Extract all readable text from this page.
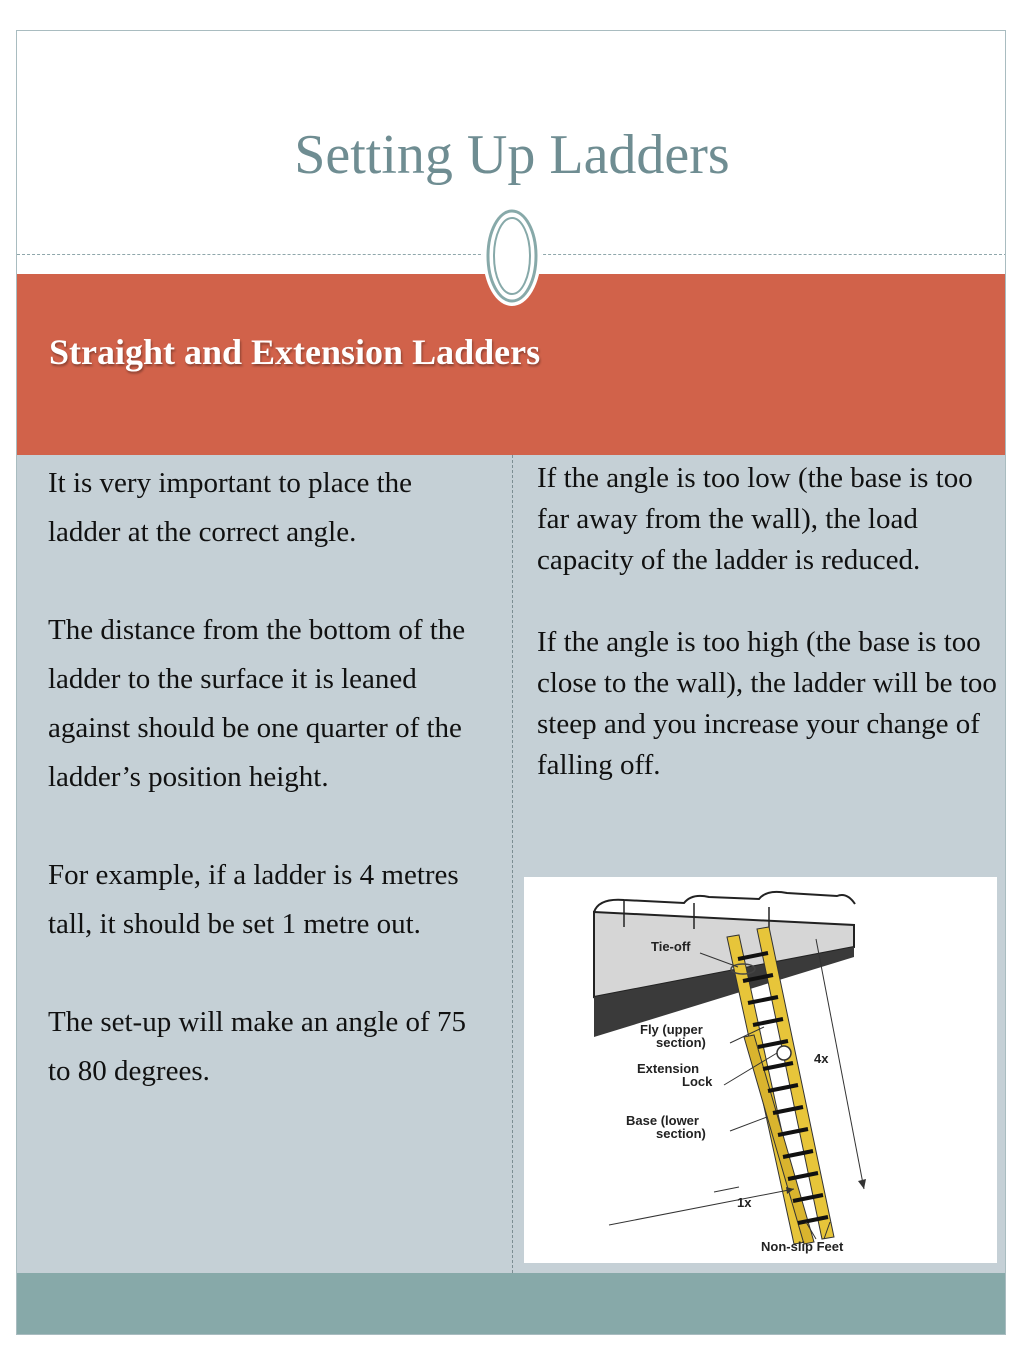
Setting Up Ladders
Straight and Extension Ladders

It is very important to place the ladder at the correct angle.

The distance from the bottom of the ladder to the surface it is leaned against should be one quarter of the ladder’s position height.

For example, if a ladder is 4 metres tall, it should be set 1 metre out.

The set-up will make an angle of 75 to 80 degrees.

If the angle is too low (the base is too far away from the wall), the load capacity of the ladder is reduced.

If the angle is too high (the base is too close to the wall), the ladder will be too steep and you increase your change of falling off.

Tie-off
Fly (upper
section)
Extension
Lock
Base (lower
section)
4x
1x
Non-slip Feet
